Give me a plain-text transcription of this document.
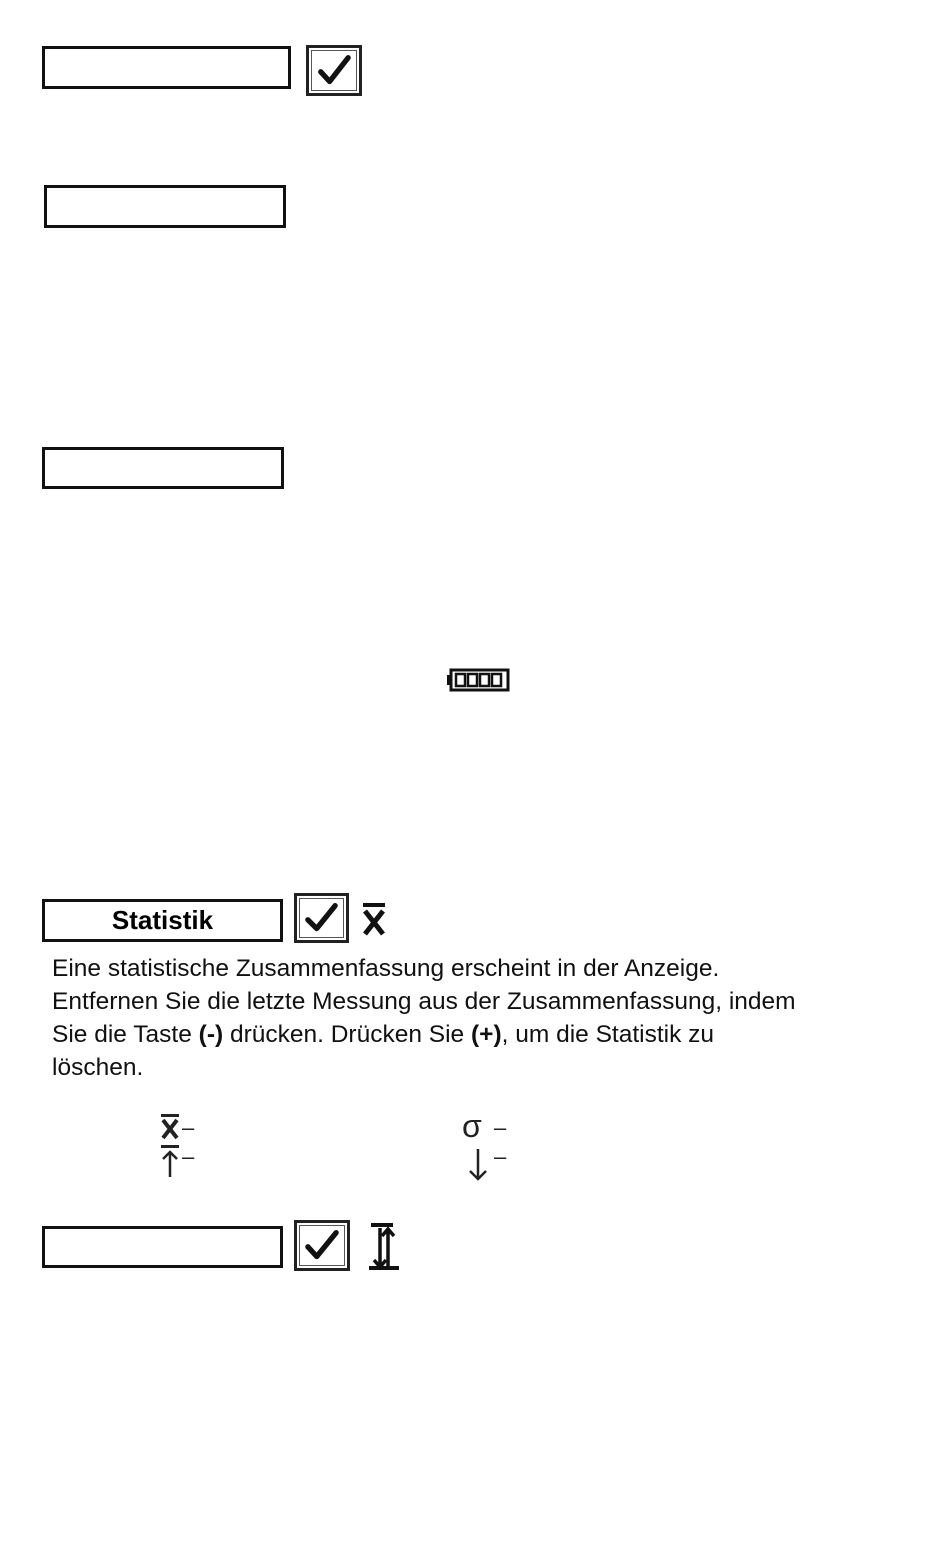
Statistik
Eine statistische Zusammenfassung erscheint in der Anzeige.
Entfernen Sie die letzte Messung aus der Zusammenfassung, indem
Sie die Taste (-) drücken. Drücken Sie (+), um die Statistik zu
löschen.
–
–
σ –
–
